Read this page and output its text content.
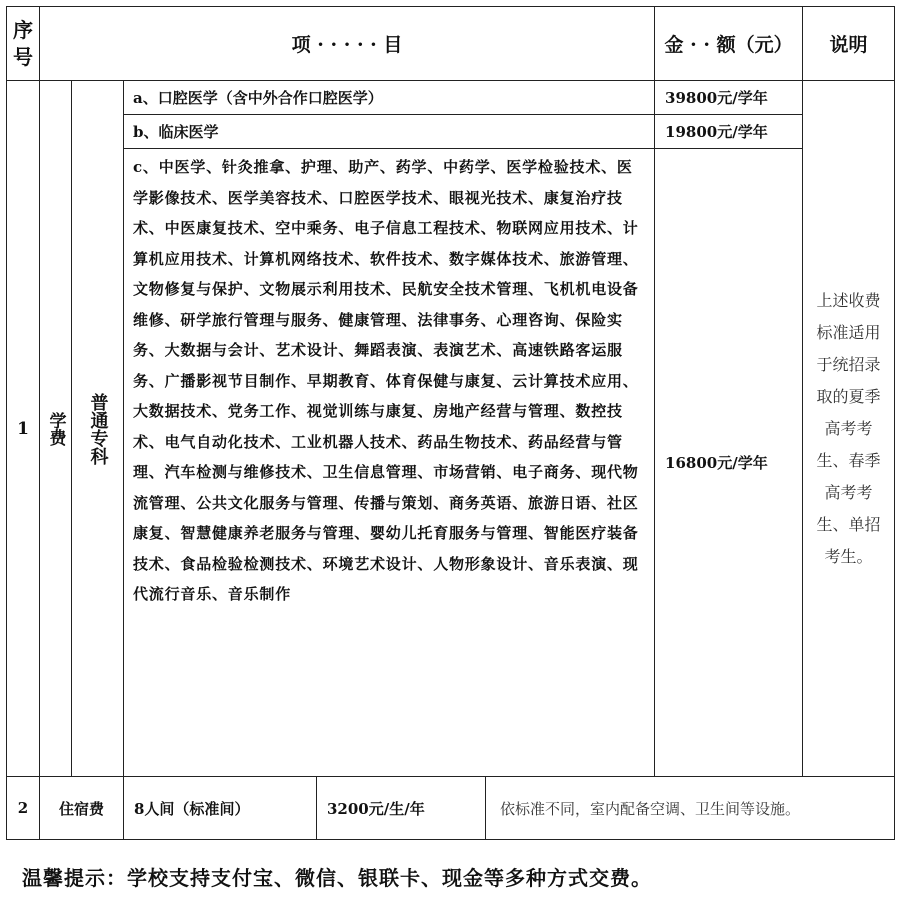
序号	项 · · · · · 目					金 · · 额（元）	说明
1	学费	普通专科	a、口腔医学（含中外合作口腔医学）			39800元/学年	上述收费标准适用于统招录取的夏季高考考生、春季高考考生、单招考生。
			b、临床医学			19800元/学年	
			c、中医学、针灸推拿、护理、助产、药学、中药学、医学检验技术、医学影像技术、医学美容技术、口腔医学技术、眼视光技术、康复治疗技术、中医康复技术、空中乘务、电子信息工程技术、物联网应用技术、计算机应用技术、计算机网络技术、软件技术、数字媒体技术、旅游管理、文物修复与保护、文物展示利用技术、民航安全技术管理、飞机机电设备维修、研学旅行管理与服务、健康管理、法律事务、心理咨询、保险实务、大数据与会计、艺术设计、舞蹈表演、表演艺术、高速铁路客运服务、广播影视节目制作、早期教育、体育保健与康复、云计算技术应用、大数据技术、党务工作、视觉训练与康复、房地产经营与管理、数控技术、电气自动化技术、工业机器人技术、药品生物技术、药品经营与管理、汽车检测与维修技术、卫生信息管理、市场营销、电子商务、现代物流管理、公共文化服务与管理、传播与策划、商务英语、旅游日语、社区康复、智慧健康养老服务与管理、婴幼儿托育服务与管理、智能医疗装备技术、食品检验检测技术、环境艺术设计、人物形象设计、音乐表演、现代流行音乐、音乐制作			16800元/学年	
2	住宿费		8人间（标准间）	3200元/生/年	依标准不同，室内配备空调、卫生间等设施。		
温馨提示：学校支持支付宝、微信、银联卡、现金等多种方式交费。
